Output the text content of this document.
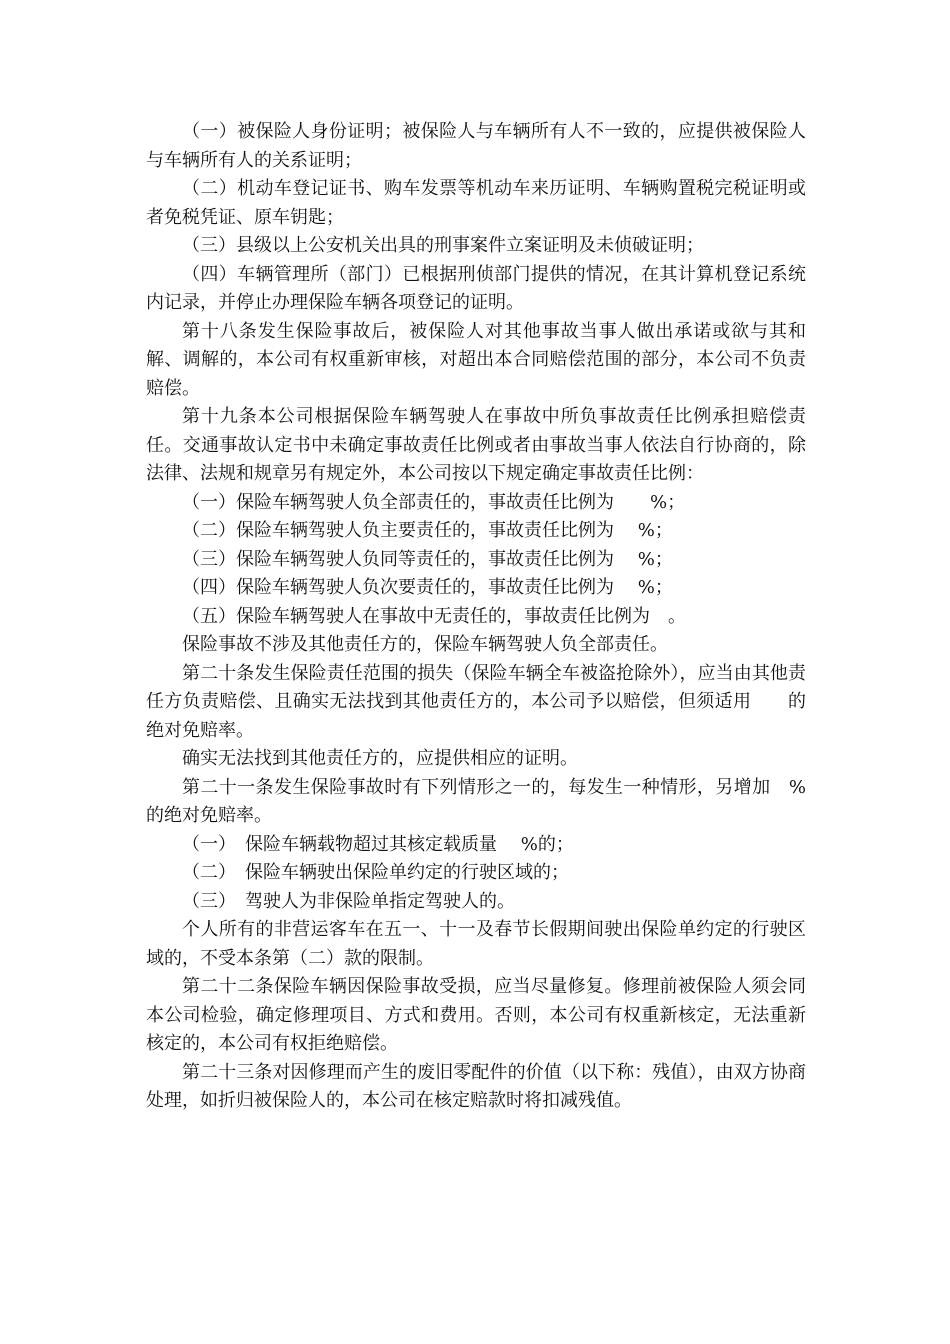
（一）被保险人身份证明；被保险人与车辆所有人不一致的，应提供被保险人与车辆所有人的关系证明；

（二）机动车登记证书、购车发票等机动车来历证明、车辆购置税完税证明或者免税凭证、原车钥匙；

（三）县级以上公安机关出具的刑事案件立案证明及未侦破证明；

（四）车辆管理所（部门）已根据刑侦部门提供的情况，在其计算机登记系统内记录，并停止办理保险车辆各项登记的证明。

第十八条发生保险事故后，被保险人对其他事故当事人做出承诺或欲与其和解、调解的，本公司有权重新审核，对超出本合同赔偿范围的部分，本公司不负责赔偿。

第十九条本公司根据保险车辆驾驶人在事故中所负事故责任比例承担赔偿责任。交通事故认定书中未确定事故责任比例或者由事故当事人依法自行协商的，除法律、法规和规章另有规定外，本公司按以下规定确定事故责任比例：

（一）保险车辆驾驶人负全部责任的，事故责任比例为　　%；

（二）保险车辆驾驶人负主要责任的，事故责任比例为　 %；

（三）保险车辆驾驶人负同等责任的，事故责任比例为　 %；

（四）保险车辆驾驶人负次要责任的，事故责任比例为　 %；

（五）保险车辆驾驶人在事故中无责任的，事故责任比例为　。

保险事故不涉及其他责任方的，保险车辆驾驶人负全部责任。

第二十条发生保险责任范围的损失（保险车辆全车被盗抢除外），应当由其他责任方负责赔偿、且确实无法找到其他责任方的，本公司予以赔偿，但须适用　　的绝对免赔率。

确实无法找到其他责任方的，应提供相应的证明。

第二十一条发生保险事故时有下列情形之一的，每发生一种情形，另增加　%的绝对免赔率。

（一）　保险车辆载物超过其核定载质量　 %的；

（二）　保险车辆驶出保险单约定的行驶区域的；

（三）　驾驶人为非保险单指定驾驶人的。

个人所有的非营运客车在五一、十一及春节长假期间驶出保险单约定的行驶区域的，不受本条第（二）款的限制。

第二十二条保险车辆因保险事故受损，应当尽量修复。修理前被保险人须会同本公司检验，确定修理项目、方式和费用。否则，本公司有权重新核定，无法重新核定的，本公司有权拒绝赔偿。

第二十三条对因修理而产生的废旧零配件的价值（以下称：残值），由双方协商处理，如折归被保险人的，本公司在核定赔款时将扣减残值。
